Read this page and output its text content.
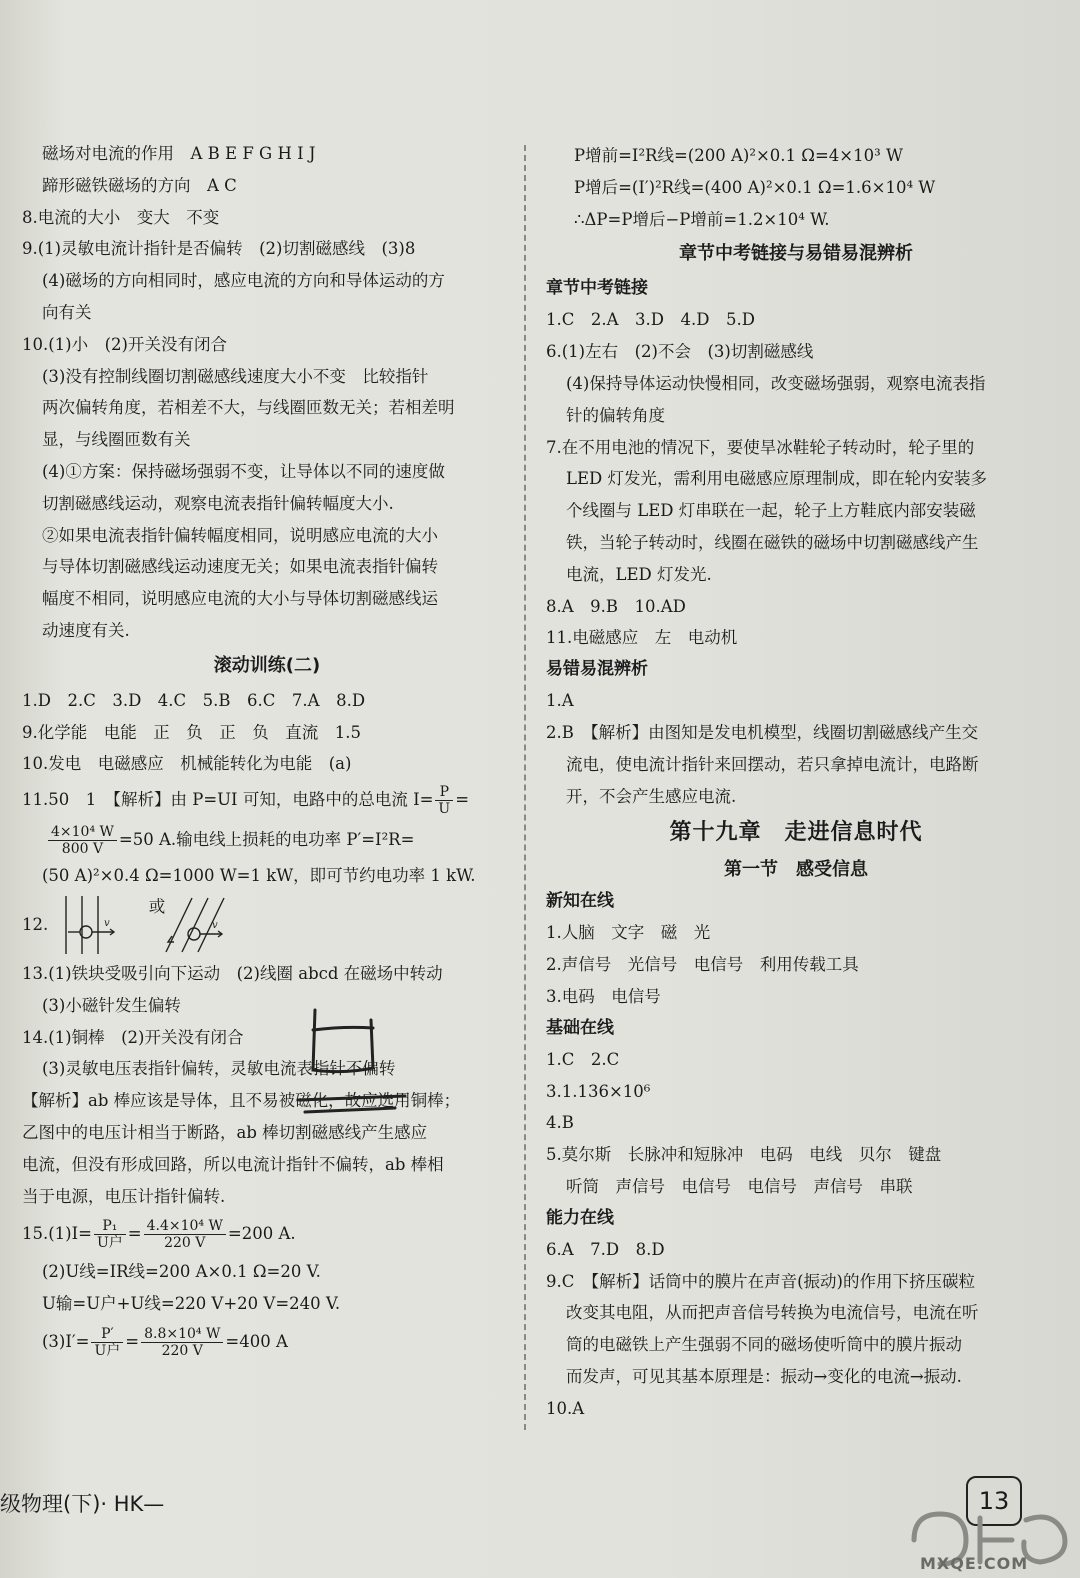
磁场对电流的作用　A B E F G H I J
蹄形磁铁磁场的方向　A C
8.电流的大小　变大　不变
9.(1)灵敏电流计指针是否偏转　(2)切割磁感线　(3)8
(4)磁场的方向相同时，感应电流的方向和导体运动的方
向有关
10.(1)小　(2)开关没有闭合
(3)没有控制线圈切割磁感线速度大小不变　比较指针
两次偏转角度，若相差不大，与线圈匝数无关；若相差明
显，与线圈匝数有关
(4)①方案：保持磁场强弱不变，让导体以不同的速度做
切割磁感线运动，观察电流表指针偏转幅度大小.
②如果电流表指针偏转幅度相同，说明感应电流的大小
与导体切割磁感线运动速度无关；如果电流表指针偏转
幅度不相同，说明感应电流的大小与导体切割磁感线运
动速度有关.
滚动训练(二)
1.D　2.C　3.D　4.C　5.B　6.C　7.A　8.D
9.化学能　电能　正　负　正　负　直流　1.5
10.发电　电磁感应　机械能转化为电能　(a)
11.50　1　【解析】由 P=UI 可知，电路中的总电流 $I= \frac{P}{U}$ =
$\frac{\text{4×10⁴ W}}{800 V} =50$ A.输电线上损耗的电功率 P′=I²R=
(50 A)²×0.4 Ω=1000 W=1 kW，即可节约电功率 1 kW.
12.	v	v
或
13.(1)铁块受吸引向下运动　(2)线圈 abcd 在磁场中转动
(3)小磁针发生偏转
14.(1)铜棒　(2)开关没有闭合
(3)灵敏电压表指针偏转，灵敏电流表指针不偏转
【解析】ab 棒应该是导体，且不易被磁化，故应选用铜棒；
乙图中的电压计相当于断路，ab 棒切割磁感线产生感应
电流，但没有形成回路，所以电流计指针不偏转，ab 棒相
当于电源，电压计指针偏转.
$15.(1)I= \frac{\text{P₁}}{\text{U户}} = \frac{\text{4.4×10⁴ W}}{220 V} =200$ A.
(2)U线=IR线=200 A×0.1 Ω=20 V.
U输=U户+U线=220 V+20 V=240 V.
$(3)I'= \frac{P'}{\text{U户}} = \frac{\text{8.8×10⁴ W}}{220 V} =400$ A
P增前=I²R线=(200 A)²×0.1 Ω=4×10³ W
P增后=(I′)²R线=(400 A)²×0.1 Ω=1.6×10⁴ W
∴ΔP=P增后−P增前=1.2×10⁴ W.
章节中考链接与易错易混辨析
章节中考链接
1.C　2.A　3.D　4.D　5.D
6.(1)左右　(2)不会　(3)切割磁感线
(4)保持导体运动快慢相同，改变磁场强弱，观察电流表指
针的偏转角度
7.在不用电池的情况下，要使旱冰鞋轮子转动时，轮子里的
LED 灯发光，需利用电磁感应原理制成，即在轮内安装多
个线圈与 LED 灯串联在一起，轮子上方鞋底内部安装磁
铁，当轮子转动时，线圈在磁铁的磁场中切割磁感线产生
电流，LED 灯发光.
8.A　9.B　10.AD
11.电磁感应　左　电动机
易错易混辨析
1.A
2.B　【解析】由图知是发电机模型，线圈切割磁感线产生交
流电，使电流计指针来回摆动，若只拿掉电流计，电路断
开，不会产生感应电流.
第十九章　走进信息时代
第一节　感受信息
新知在线
1.人脑　文字　磁　光
2.声信号　光信号　电信号　利用传载工具
3.电码　电信号
基础在线
1.C　2.C
3.1.136×10⁶
4.B
5.莫尔斯　长脉冲和短脉冲　电码　电线　贝尔　键盘
听筒　声信号　电信号　电信号　声信号　串联
能力在线
6.A　7.D　8.D
9.C　【解析】话筒中的膜片在声音(振动)的作用下挤压碳粒
改变其电阻，从而把声音信号转换为电流信号，电流在听
筒的电磁铁上产生强弱不同的磁场使听筒中的膜片振动
而发声，可见其基本原理是：振动→变化的电流→振动.
10.A
级物理(下)· HK—	13
MXQE.COM
